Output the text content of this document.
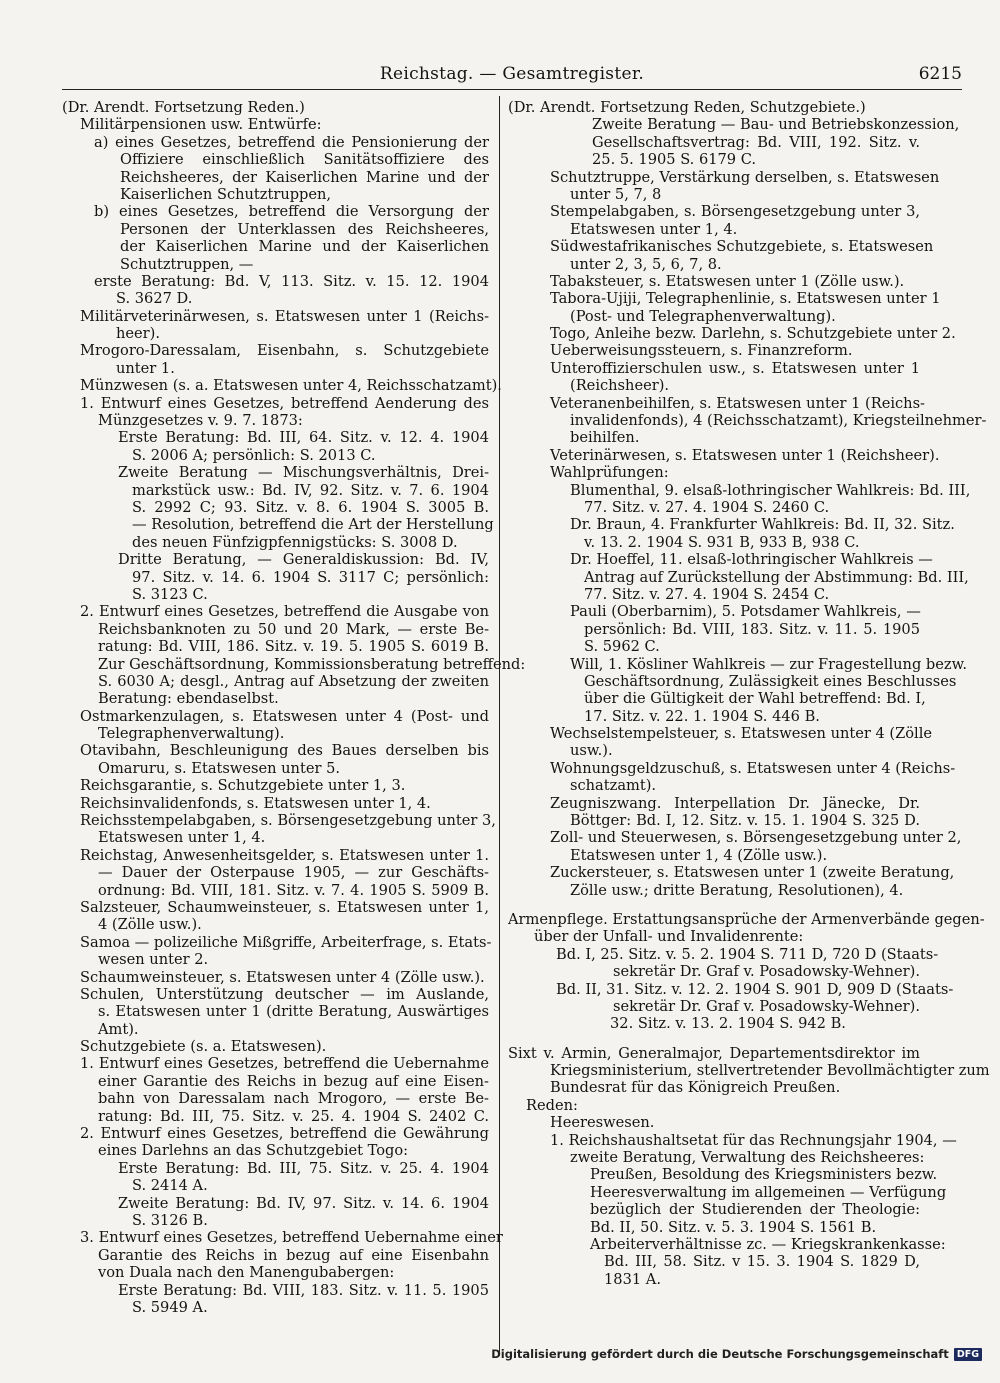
Reichstag. — Gesamtregister.	6215
(Dr. Arendt. Fortsetzung Reden.)
Militärpensionen usw. Entwürfe:
a) eines Gesetzes, betreffend die Pensionierung der
Offiziere einschließlich Sanitätsoffiziere des
Reichsheeres, der Kaiserlichen Marine und der
Kaiserlichen Schutztruppen,
b) eines Gesetzes, betreffend die Versorgung der
Personen der Unterklassen des Reichsheeres,
der Kaiserlichen Marine und der Kaiserlichen
Schutztruppen, —
erste Beratung: Bd. V, 113. Sitz. v. 15. 12. 1904
S. 3627 D.
Militärveterinärwesen, s. Etatswesen unter 1 (Reichs-
heer).
Mrogoro-Daressalam, Eisenbahn, s. Schutzgebiete
unter 1.
Münzwesen (s. a. Etatswesen unter 4, Reichsschatzamt).
1. Entwurf eines Gesetzes, betreffend Aenderung des
Münzgesetzes v. 9. 7. 1873:
Erste Beratung: Bd. III, 64. Sitz. v. 12. 4. 1904
S. 2006 A; persönlich: S. 2013 C.
Zweite Beratung — Mischungsverhältnis, Drei-
markstück usw.: Bd. IV, 92. Sitz. v. 7. 6. 1904
S. 2992 C; 93. Sitz. v. 8. 6. 1904 S. 3005 B.
— Resolution, betreffend die Art der Herstellung
des neuen Fünfzigpfennigstücks: S. 3008 D.
Dritte Beratung, — Generaldiskussion: Bd. IV,
97. Sitz. v. 14. 6. 1904 S. 3117 C; persönlich:
S. 3123 C.
2. Entwurf eines Gesetzes, betreffend die Ausgabe von
Reichsbanknoten zu 50 und 20 Mark, — erste Be-
ratung: Bd. VIII, 186. Sitz. v. 19. 5. 1905 S. 6019 B.
Zur Geschäftsordnung, Kommissionsberatung betreffend:
S. 6030 A; desgl., Antrag auf Absetzung der zweiten
Beratung: ebendaselbst.
Ostmarkenzulagen, s. Etatswesen unter 4 (Post- und
Telegraphenverwaltung).
Otavibahn, Beschleunigung des Baues derselben bis
Omaruru, s. Etatswesen unter 5.
Reichsgarantie, s. Schutzgebiete unter 1, 3.
Reichsinvalidenfonds, s. Etatswesen unter 1, 4.
Reichsstempelabgaben, s. Börsengesetzgebung unter 3,
Etatswesen unter 1, 4.
Reichstag, Anwesenheitsgelder, s. Etatswesen unter 1.
— Dauer der Osterpause 1905, — zur Geschäfts-
ordnung: Bd. VIII, 181. Sitz. v. 7. 4. 1905 S. 5909 B.
Salzsteuer, Schaumweinsteuer, s. Etatswesen unter 1,
4 (Zölle usw.).
Samoa — polizeiliche Mißgriffe, Arbeiterfrage, s. Etats-
wesen unter 2.
Schaumweinsteuer, s. Etatswesen unter 4 (Zölle usw.).
Schulen, Unterstützung deutscher — im Auslande,
s. Etatswesen unter 1 (dritte Beratung, Auswärtiges
Amt).
Schutzgebiete (s. a. Etatswesen).
1. Entwurf eines Gesetzes, betreffend die Uebernahme
einer Garantie des Reichs in bezug auf eine Eisen-
bahn von Daressalam nach Mrogoro, — erste Be-
ratung: Bd. III, 75. Sitz. v. 25. 4. 1904 S. 2402 C.
2. Entwurf eines Gesetzes, betreffend die Gewährung
eines Darlehns an das Schutzgebiet Togo:
Erste Beratung: Bd. III, 75. Sitz. v. 25. 4. 1904
S. 2414 A.
Zweite Beratung: Bd. IV, 97. Sitz. v. 14. 6. 1904
S. 3126 B.
3. Entwurf eines Gesetzes, betreffend Uebernahme einer
Garantie des Reichs in bezug auf eine Eisenbahn
von Duala nach den Manengubabergen:
Erste Beratung: Bd. VIII, 183. Sitz. v. 11. 5. 1905
S. 5949 A.
(Dr. Arendt. Fortsetzung Reden, Schutzgebiete.)
Zweite Beratung — Bau- und Betriebskonzession,
Gesellschaftsvertrag: Bd. VIII, 192. Sitz. v.
25. 5. 1905 S. 6179 C.
Schutztruppe, Verstärkung derselben, s. Etatswesen
unter 5, 7, 8
Stempelabgaben, s. Börsengesetzgebung unter 3,
Etatswesen unter 1, 4.
Südwestafrikanisches Schutzgebiete, s. Etatswesen
unter 2, 3, 5, 6, 7, 8.
Tabaksteuer, s. Etatswesen unter 1 (Zölle usw.).
Tabora-Ujiji, Telegraphenlinie, s. Etatswesen unter 1
(Post- und Telegraphenverwaltung).
Togo, Anleihe bezw. Darlehn, s. Schutzgebiete unter 2.
Ueberweisungssteuern, s. Finanzreform.
Unteroffizierschulen usw., s. Etatswesen unter 1
(Reichsheer).
Veteranenbeihilfen, s. Etatswesen unter 1 (Reichs-
invalidenfonds), 4 (Reichsschatzamt), Kriegsteilnehmer-
beihilfen.
Veterinärwesen, s. Etatswesen unter 1 (Reichsheer).
Wahlprüfungen:
Blumenthal, 9. elsaß-lothringischer Wahlkreis: Bd. III,
77. Sitz. v. 27. 4. 1904 S. 2460 C.
Dr. Braun, 4. Frankfurter Wahlkreis: Bd. II, 32. Sitz.
v. 13. 2. 1904 S. 931 B, 933 B, 938 C.
Dr. Hoeffel, 11. elsaß-lothringischer Wahlkreis —
Antrag auf Zurückstellung der Abstimmung: Bd. III,
77. Sitz. v. 27. 4. 1904 S. 2454 C.
Pauli (Oberbarnim), 5. Potsdamer Wahlkreis, —
persönlich: Bd. VIII, 183. Sitz. v. 11. 5. 1905
S. 5962 C.
Will, 1. Kösliner Wahlkreis — zur Fragestellung bezw.
Geschäftsordnung, Zulässigkeit eines Beschlusses
über die Gültigkeit der Wahl betreffend: Bd. I,
17. Sitz. v. 22. 1. 1904 S. 446 B.
Wechselstempelsteuer, s. Etatswesen unter 4 (Zölle
usw.).
Wohnungsgeldzuschuß, s. Etatswesen unter 4 (Reichs-
schatzamt).
Zeugniszwang. Interpellation Dr. Jänecke, Dr.
Böttger: Bd. I, 12. Sitz. v. 15. 1. 1904 S. 325 D.
Zoll- und Steuerwesen, s. Börsengesetzgebung unter 2,
Etatswesen unter 1, 4 (Zölle usw.).
Zuckersteuer, s. Etatswesen unter 1 (zweite Beratung,
Zölle usw.; dritte Beratung, Resolutionen), 4.
Armenpflege. Erstattungsansprüche der Armenverbände gegen-
über der Unfall- und Invalidenrente:
Bd. I, 25. Sitz. v. 5. 2. 1904 S. 711 D, 720 D (Staats-
sekretär Dr. Graf v. Posadowsky-Wehner).
Bd. II, 31. Sitz. v. 12. 2. 1904 S. 901 D, 909 D (Staats-
sekretär Dr. Graf v. Posadowsky-Wehner).
32. Sitz. v. 13. 2. 1904 S. 942 B.
Sixt v. Armin, Generalmajor, Departementsdirektor im
Kriegsministerium, stellvertretender Bevollmächtigter zum
Bundesrat für das Königreich Preußen.
Reden:
Heereswesen.
1. Reichshaushaltsetat für das Rechnungsjahr 1904, —
zweite Beratung, Verwaltung des Reichsheeres:
Preußen, Besoldung des Kriegsministers bezw.
Heeresverwaltung im allgemeinen — Verfügung
bezüglich der Studierenden der Theologie:
Bd. II, 50. Sitz. v. 5. 3. 1904 S. 1561 B.
Arbeiterverhältnisse zc. — Kriegskrankenkasse:
Bd. III, 58. Sitz. v 15. 3. 1904 S. 1829 D,
1831 A.
Digitalisierung gefördert durch die Deutsche Forschungsgemeinschaft DFG
